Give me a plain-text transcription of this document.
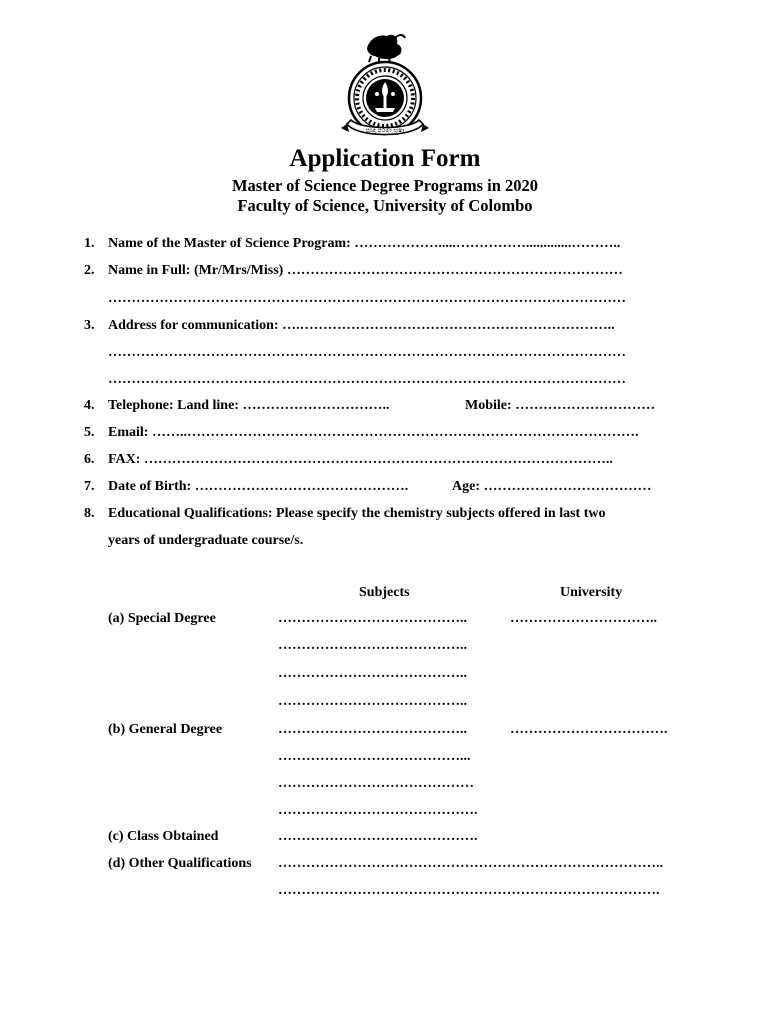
ප්‍රඥා පරමා භූෂා
Application Form
Master of Science Degree Programs in 2020
Faculty of Science, University of Colombo
1. Name of the Master of Science Program: ……………….....…………….............………..
2. Name in Full: (Mr/Mrs/Miss) ………………………………………………………………
…………………………………………………………………………………………………
3. Address for communication: ….…………………………………………………………..
…………………………………………………………………………………………………
…………………………………………………………………………………………………
4. Telephone: Land line: …………………………..	Mobile: …………………………
5. Email: ……..…………………………………………………………………………………….
6. FAX: ………………………………………………………………………………………..
7. Date of Birth: ……………………………………….	Age: ………………………………
8. Educational Qualifications: Please specify the chemistry subjects offered in last two
years of undergraduate course/s.
Subjects	University
(a) Special Degree	…………………………………..	…………………………..
…………………………………..
…………………………………..
…………………………………..
(b) General Degree	…………………………………..	…………………………….
…………………………………...
……………………………………
…………………………………….
(c) Class Obtained	…………………………………….
(d) Other Qualifications ………………………………………………………………………..
……………………………………………………………………….
